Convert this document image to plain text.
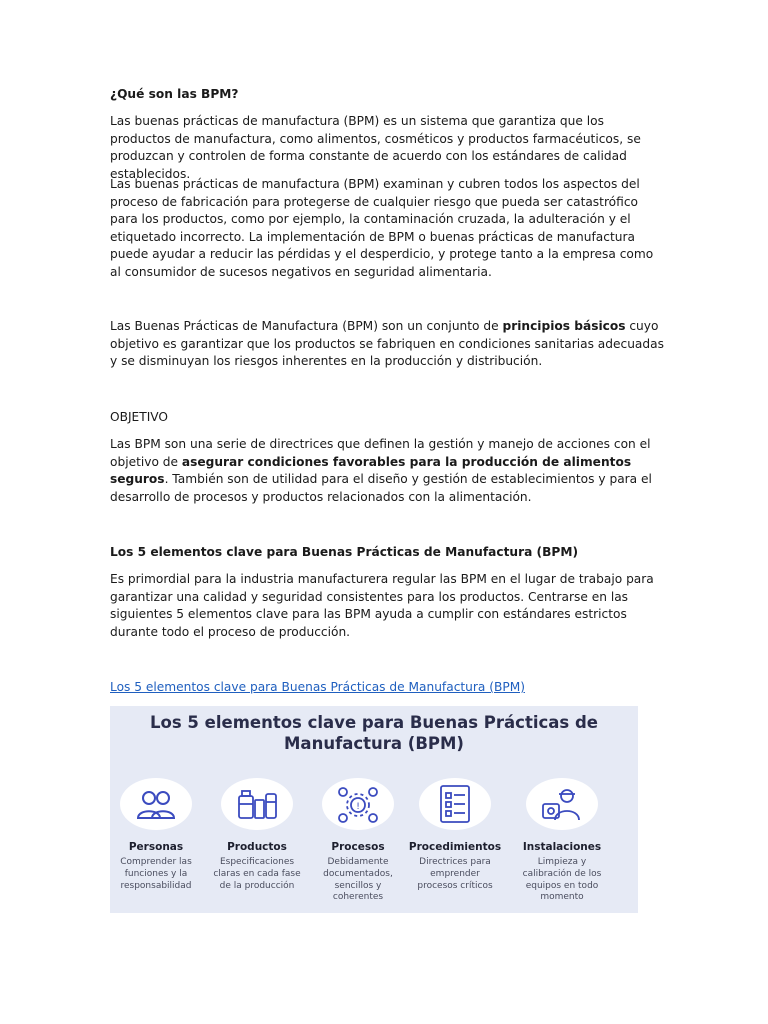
¿Qué son las BPM?

Las buenas prácticas de manufactura (BPM) es un sistema que garantiza que los productos de manufactura, como alimentos, cosméticos y productos farmacéuticos, se produzcan y controlen de forma constante de acuerdo con los estándares de calidad establecidos.

Las buenas prácticas de manufactura (BPM) examinan y cubren todos los aspectos del proceso de fabricación para protegerse de cualquier riesgo que pueda ser catastrófico para los productos, como por ejemplo, la contaminación cruzada, la adulteración y el etiquetado incorrecto. La implementación de BPM o buenas prácticas de manufactura puede ayudar a reducir las pérdidas y el desperdicio, y protege tanto a la empresa como al consumidor de sucesos negativos en seguridad alimentaria.

Las Buenas Prácticas de Manufactura (BPM) son un conjunto de principios básicos cuyo objetivo es garantizar que los productos se fabriquen en condiciones sanitarias adecuadas y se disminuyan los riesgos inherentes en la producción y distribución.

OBJETIVO

Las BPM son una serie de directrices que definen la gestión y manejo de acciones con el objetivo de asegurar condiciones favorables para la producción de alimentos seguros. También son de utilidad para el diseño y gestión de establecimientos y para el desarrollo de procesos y productos relacionados con la alimentación.

Los 5 elementos clave para Buenas Prácticas de Manufactura (BPM)

Es primordial para la industria manufacturera regular las BPM en el lugar de trabajo para garantizar una calidad y seguridad consistentes para los productos. Centrarse en las siguientes 5 elementos clave para las BPM ayuda a cumplir con estándares estrictos durante todo el proceso de producción.

Los 5 elementos clave para Buenas Prácticas de Manufactura (BPM)

Los 5 elementos clave para Buenas Prácticas de
Manufactura (BPM)
Personas
Comprender las funciones y la responsabilidad
Productos
Especificaciones claras en cada fase de la producción
!
Procesos
Debidamente documentados, sencillos y coherentes
Procedimientos
Directrices para emprender procesos críticos
Instalaciones
Limpieza y calibración de los equipos en todo momento
